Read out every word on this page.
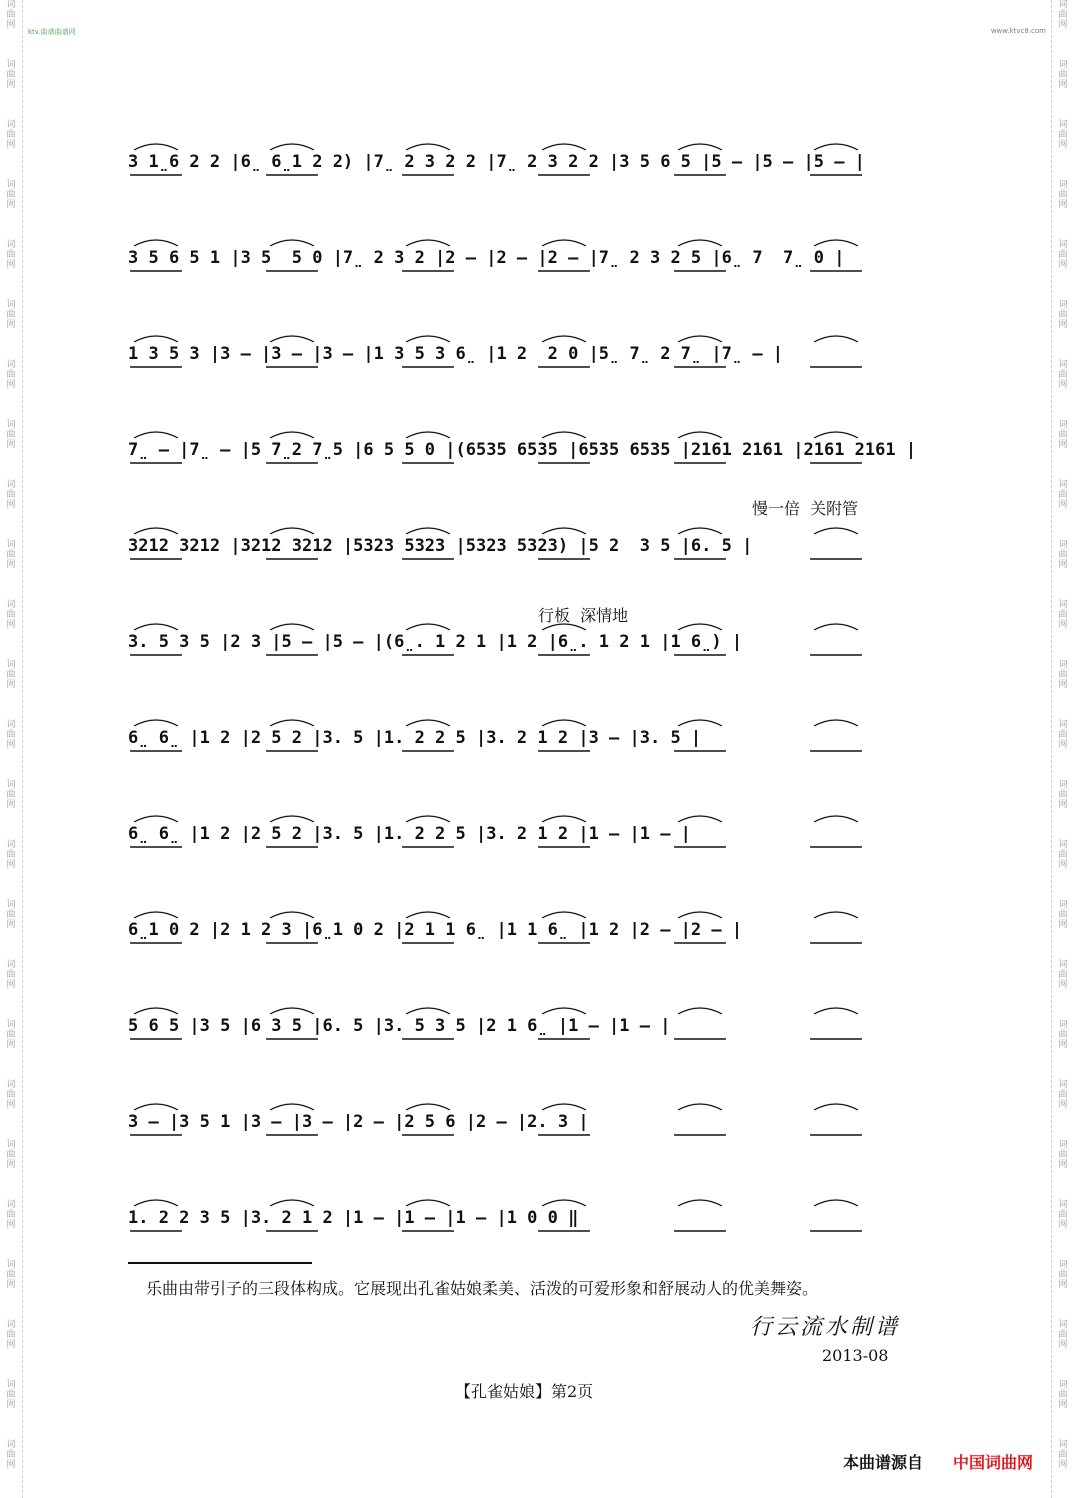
词
曲
网
词
曲
网
词
曲
网
词
曲
网
词
曲
网
词
曲
网
词
曲
网
词
曲
网
词
曲
网
词
曲
网
词
曲
网
词
曲
网
词
曲
网
词
曲
网
词
曲
网
词
曲
网
词
曲
网
词
曲
网
词
曲
网
词
曲
网
词
曲
网
词
曲
网
词
曲
网
词
曲
网
词
曲
网
词
曲
网
词
曲
网
词
曲
网
词
曲
网
词
曲
网
词
曲
网
词
曲
网
词
曲
网
词
曲
网
词
曲
网
词
曲
网
词
曲
网
词
曲
网
词
曲
网
词
曲
网
词
曲
网
词
曲
网
词
曲
网
词
曲
网
词
曲
网
词
曲
网
词
曲
网
词
曲
网
词
曲
网
词
曲
网
ktv.曲谱曲谱网	www.ktvc8.com
慢一倍  关附管
行板  深情地
3 1̤6 2 2 |6̤ 6̤1 2 2) |7̤ 2 3 2 2 |7̤ 2 3 2 2 |3 5 6 5 |5 – |5 – |5 – |
3 5 6 5 1 |3 5  5 0 |7̤ 2 3 2 |2 – |2 – |2 – |7̤ 2 3 2 5 |6̤ 7  7̤ 0 |
1 3 5 3 |3 – |3 – |3 – |1 3 5 3 6̤ |1 2  2 0 |5̤ 7̤ 2 7̤ |7̤ – |
7̤ – |7̤ – |5 7̤2 7̤5 |6 5 5 0 |(6535 6535 |6535 6535 |2161 2161 |2161 2161 |
3212 3212 |3212 3212 |5323 5323 |5323 5323) |5 2  3 5 |6. 5 |
3. 5 3 5 |2 3 |5 – |5 – |(6̤. 1 2 1 |1 2 |6̤. 1 2 1 |1 6̤) |
6̤ 6̤ |1 2 |2 5 2 |3. 5 |1. 2 2 5 |3. 2 1 2 |3 – |3. 5 |
6̤ 6̤ |1 2 |2 5 2 |3. 5 |1. 2 2 5 |3. 2 1 2 |1 – |1 – |
6̤1 0 2 |2 1 2 3 |6̤1 0 2 |2 1 1 6̤ |1 1 6̤ |1 2 |2 – |2 – |
5 6 5 |3 5 |6 3 5 |6. 5 |3. 5 3 5 |2 1 6̤ |1 – |1 – |
3 – |3 5 1 |3 – |3 – |2 – |2 5 6 |2 – |2. 3 |
1. 2 2 3 5 |3. 2 1 2 |1 – |1 – |1 – |1 0 0 ‖
乐曲由带引子的三段体构成。它展现出孔雀姑娘柔美、活泼的可爱形象和舒展动人的优美舞姿。
行云流水制谱
2013-08
【孔雀姑娘】第2页
本曲谱源自 中国词曲网
